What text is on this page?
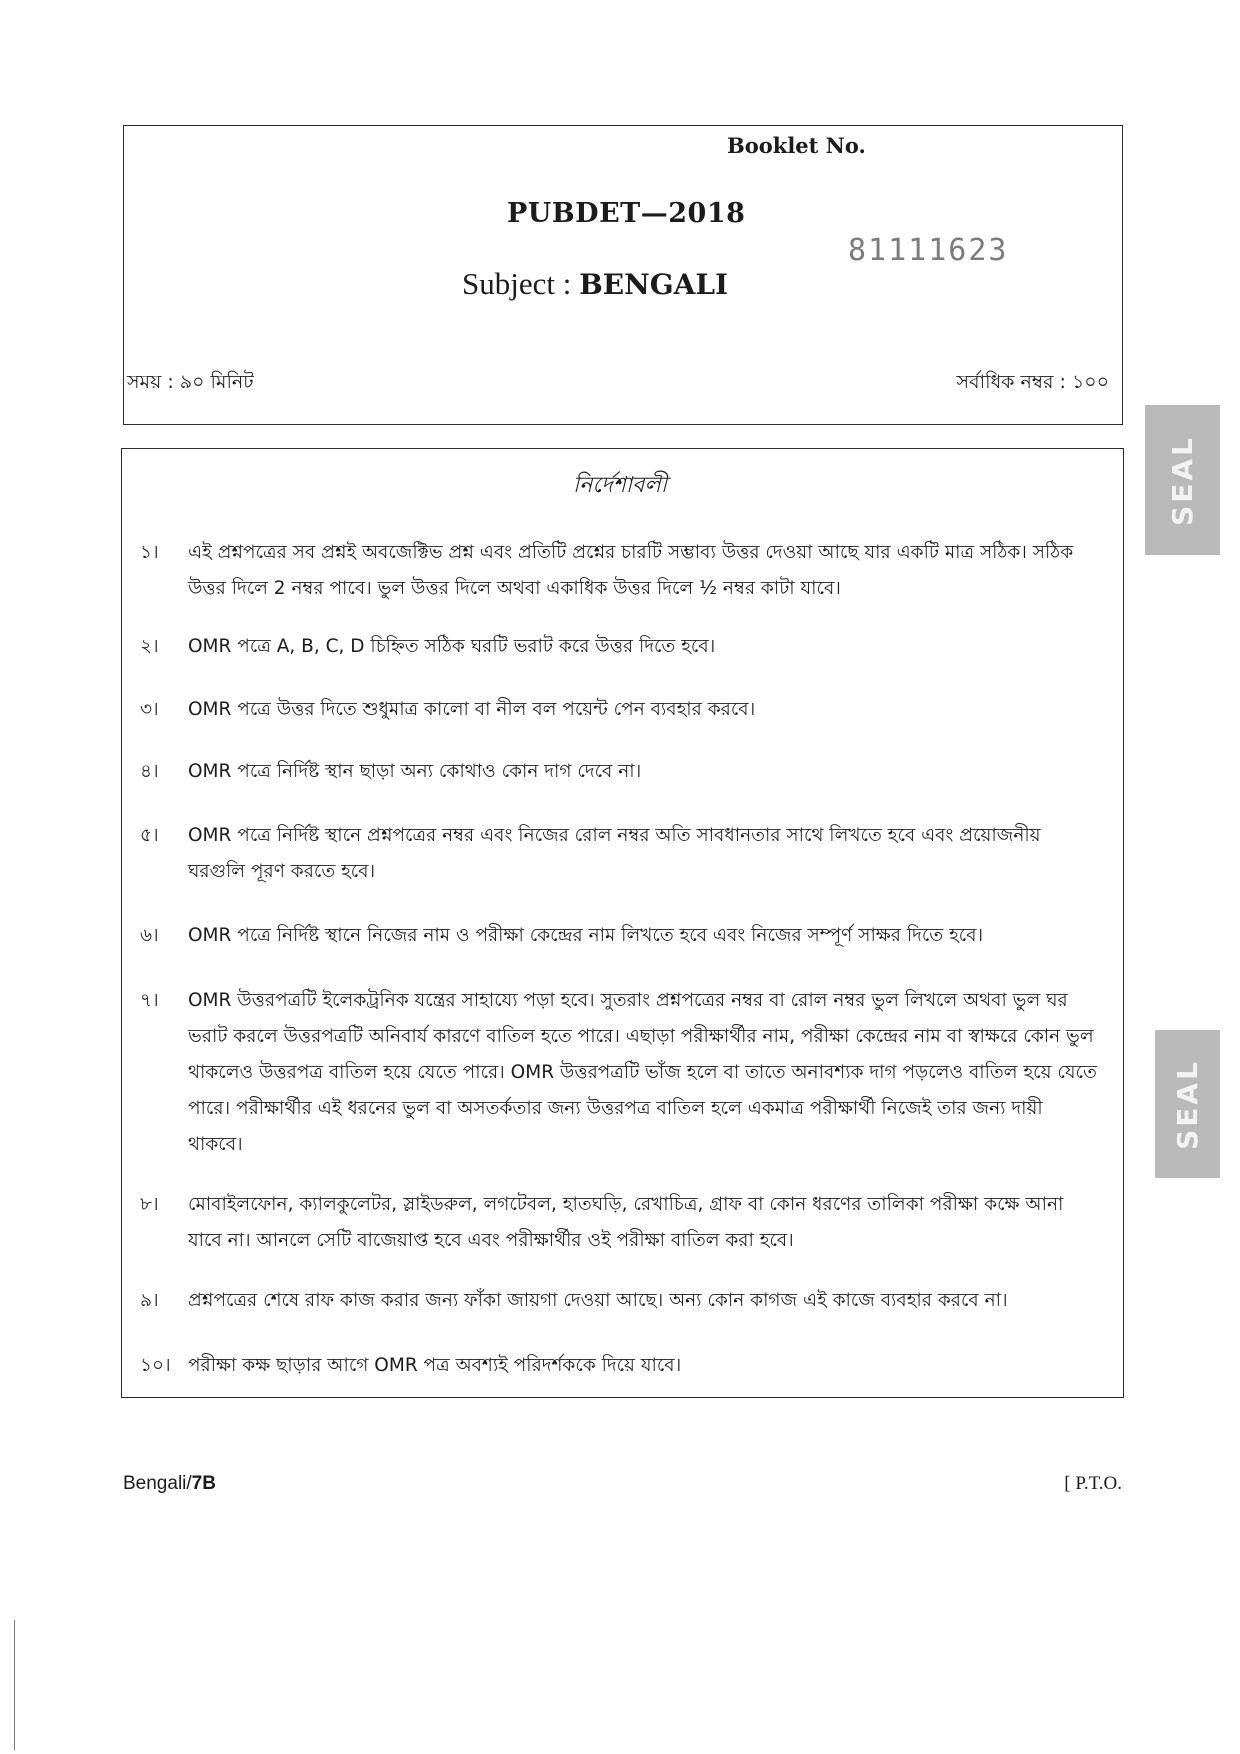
Booklet No.
PUBDET—2018
81111623
Subject : BENGALI
সময় : ৯০ মিনিট	সর্বাধিক নম্বর : ১০০
নির্দেশাবলী
১।	এই প্রশ্নপত্রের সব প্রশ্নই অবজেক্টিভ প্রশ্ন এবং প্রতিটি প্রশ্নের চারটি সম্ভাব্য উত্তর দেওয়া আছে যার একটি মাত্র সঠিক। সঠিক উত্তর দিলে 2 নম্বর পাবে। ভুল উত্তর দিলে অথবা একাধিক উত্তর দিলে ½ নম্বর কাটা যাবে।
২।	OMR পত্রে A, B, C, D চিহ্নিত সঠিক ঘরটি ভরাট করে উত্তর দিতে হবে।
৩।	OMR পত্রে উত্তর দিতে শুধুমাত্র কালো বা নীল বল পয়েন্ট পেন ব্যবহার করবে।
৪।	OMR পত্রে নির্দিষ্ট স্থান ছাড়া অন্য কোথাও কোন দাগ দেবে না।
৫।	OMR পত্রে নির্দিষ্ট স্থানে প্রশ্নপত্রের নম্বর এবং নিজের রোল নম্বর অতি সাবধানতার সাথে লিখতে হবে এবং প্রয়োজনীয় ঘরগুলি পূরণ করতে হবে।
৬।	OMR পত্রে নির্দিষ্ট স্থানে নিজের নাম ও পরীক্ষা কেন্দ্রের নাম লিখতে হবে এবং নিজের সম্পূর্ণ সাক্ষর দিতে হবে।
৭।	OMR উত্তরপত্রটি ইলেকট্রনিক যন্ত্রের সাহায্যে পড়া হবে। সুতরাং প্রশ্নপত্রের নম্বর বা রোল নম্বর ভুল লিখলে অথবা ভুল ঘর ভরাট করলে উত্তরপত্রটি অনিবার্য কারণে বাতিল হতে পারে। এছাড়া পরীক্ষার্থীর নাম, পরীক্ষা কেন্দ্রের নাম বা স্বাক্ষরে কোন ভুল থাকলেও উত্তরপত্র বাতিল হয়ে যেতে পারে। OMR উত্তরপত্রটি ভাঁজ হলে বা তাতে অনাবশ্যক দাগ পড়লেও বাতিল হয়ে যেতে পারে। পরীক্ষার্থীর এই ধরনের ভুল বা অসতর্কতার জন্য উত্তরপত্র বাতিল হলে একমাত্র পরীক্ষার্থী নিজেই তার জন্য দায়ী থাকবে।
৮।	মোবাইলফোন, ক্যালকুলেটর, স্লাইডরুল, লগটেবল, হাতঘড়ি, রেখাচিত্র, গ্রাফ বা কোন ধরণের তালিকা পরীক্ষা কক্ষে আনা যাবে না। আনলে সেটি বাজেয়াপ্ত হবে এবং পরীক্ষার্থীর ওই পরীক্ষা বাতিল করা হবে।
৯।	প্রশ্নপত্রের শেষে রাফ কাজ করার জন্য ফাঁকা জায়গা দেওয়া আছে। অন্য কোন কাগজ এই কাজে ব্যবহার করবে না।
১০। পরীক্ষা কক্ষ ছাড়ার আগে OMR পত্র অবশ্যই পরিদর্শককে দিয়ে যাবে।
SEAL
SEAL
Bengali/7B	[ P.T.O.
